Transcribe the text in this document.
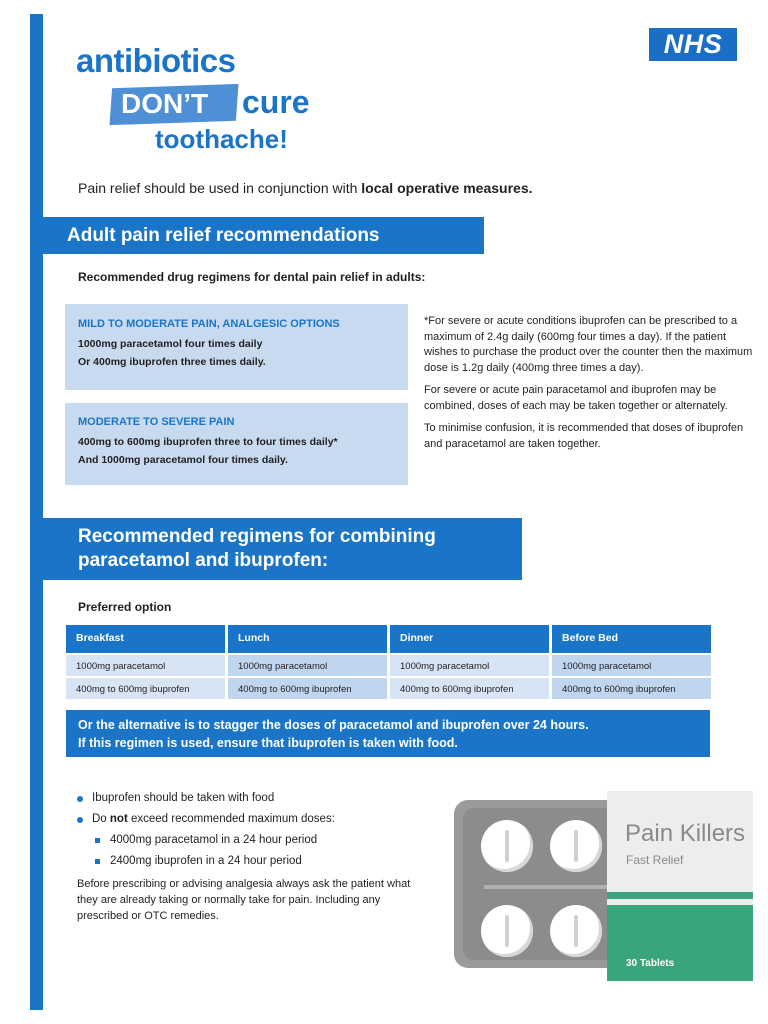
NHS
antibiotics
DON’T cure
toothache!
Pain relief should be used in conjunction with local operative measures.
Adult pain relief recommendations
Recommended drug regimens for dental pain relief in adults:
MILD TO MODERATE PAIN, ANALGESIC OPTIONS
1000mg paracetamol four times daily
Or 400mg ibuprofen three times daily.
MODERATE TO SEVERE PAIN
400mg to 600mg ibuprofen three to four times daily*
And 1000mg paracetamol four times daily.

*For severe or acute conditions ibuprofen can be prescribed to a maximum of 2.4g daily (600mg four times a day). If the patient wishes to purchase the product over the counter then the maximum dose is 1.2g daily (400mg three times a day).

For severe or acute pain paracetamol and ibuprofen may be combined, doses of each may be taken together or alternately.

To minimise confusion, it is recommended that doses of ibuprofen and paracetamol are taken together.

Recommended regimens for combining
paracetamol and ibuprofen:
Preferred option
Breakfast
1000mg paracetamol
400mg to 600mg ibuprofen
Lunch
1000mg paracetamol
400mg to 600mg ibuprofen
Dinner
1000mg paracetamol
400mg to 600mg ibuprofen
Before Bed
1000mg paracetamol
400mg to 600mg ibuprofen
Or the alternative is to stagger the doses of paracetamol and ibuprofen over 24 hours.
If this regimen is used, ensure that ibuprofen is taken with food.
Ibuprofen should be taken with food
Do not exceed recommended maximum doses:
4000mg paracetamol in a 24 hour period
2400mg ibuprofen in a 24 hour period
Before prescribing or advising analgesia always ask the patient what they are already taking or normally take for pain. Including any prescribed or OTC remedies.
Pain Killers
Fast Relief
30 Tablets
